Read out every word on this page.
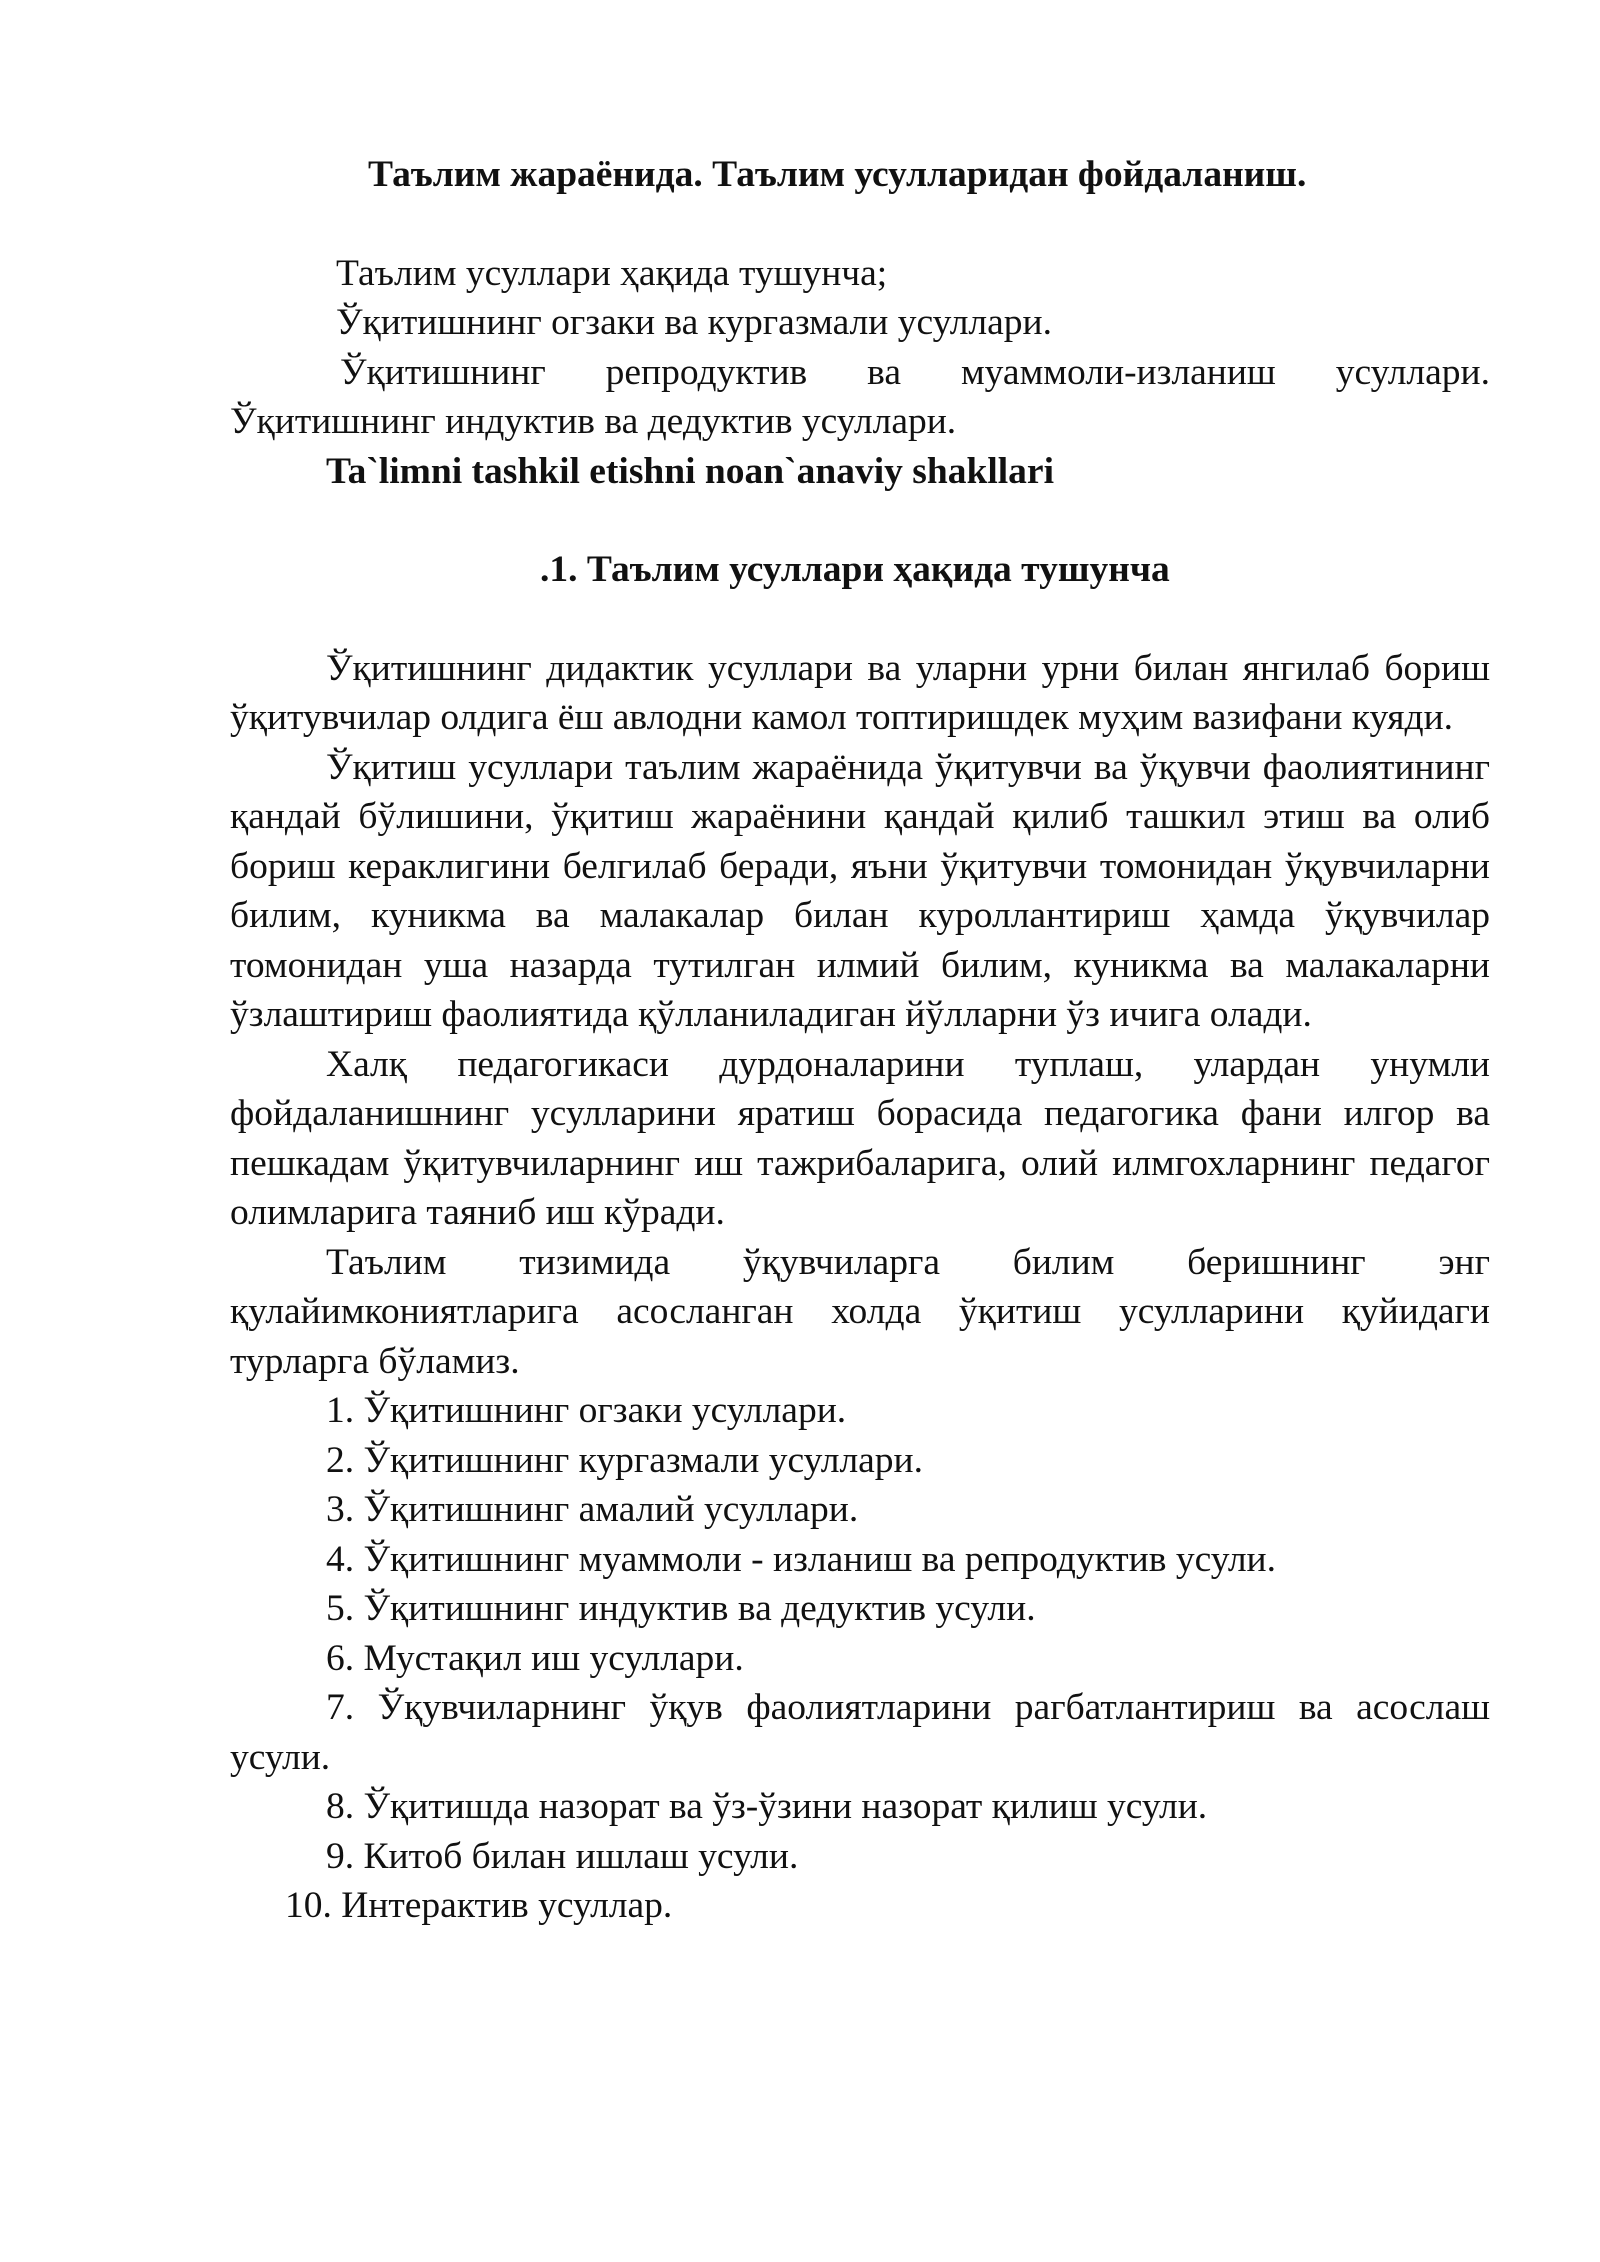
Таълим жараёнида. Таълим усулларидан фойдаланиш.

Таълим усуллари ҳақида тушунча;

Ўқитишнинг огзаки ва кургазмали усуллари.

Ўқитишнинг репродуктив ва муаммоли-изланиш усуллари. Ўқитишнинг индуктив ва дедуктив усуллари.

Ta`limni tashkil etishni noan`anaviy shakllari

.1. Таълим усуллари ҳақида тушунча

Ўқитишнинг дидактик усуллари ва уларни урни билан янгилаб бориш ўқитувчилар олдига ёш авлодни камол топтиришдек муҳим вазифани куяди.

Ўқитиш усуллари таълим жараёнида ўқитувчи ва ўқувчи фаолиятининг қандай бўлишини, ўқитиш жараёнини қандай қилиб ташкил этиш ва олиб бориш кераклигини белгилаб беради, яъни ўқитувчи томонидан ўқувчиларни билим, куникма ва малакалар билан куроллантириш ҳамда ўқувчилар томонидан уша назарда тутилган илмий билим, куникма ва малакаларни ўзлаштириш фаолиятида қўлланиладиган йўлларни ўз ичига олади.

Халқ педагогикаси дурдоналарини туплаш, улардан унумли фойдаланишнинг усулларини яратиш борасида педагогика фани илгор ва пешкадам ўқитувчиларнинг иш тажрибаларига, олий илмгохларнинг педагог олимларига таяниб иш кўради.

Таълим тизимида ўқувчиларга билим беришнинг энг қулайимкониятларига асосланган холда ўқитиш усулларини қуйидаги турларга бўламиз.

1. Ўқитишнинг огзаки усуллари.

2. Ўқитишнинг кургазмали усуллари.

3. Ўқитишнинг амалий усуллари.

4. Ўқитишнинг муаммоли - изланиш ва репродуктив усули.

5. Ўқитишнинг индуктив ва дедуктив усули.

6. Мустақил иш усуллари.

7. Ўқувчиларнинг ўқув фаолиятларини рагбатлантириш ва асослаш усули.

8. Ўқитишда назорат ва ўз-ўзини назорат қилиш усули.

9. Китоб билан ишлаш усули.

10. Интерактив усуллар.
